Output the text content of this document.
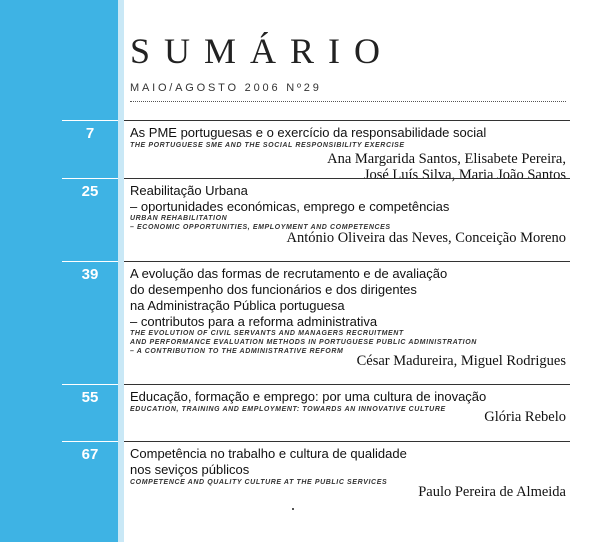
SUMÁRIO
MAIO/AGOSTO 2006 Nº29
7	As PME portuguesas e o exercício da responsabilidade social
THE PORTUGUESE SME AND THE SOCIAL RESPONSIBILITY EXERCISE
Ana Margarida Santos, Elisabete Pereira,
José Luís Silva, Maria João Santos
25	Reabilitação Urbana
– oportunidades económicas, emprego e competências
URBAN REHABILITATION
– ECONOMIC OPPORTUNITIES, EMPLOYMENT AND COMPETENCES
António Oliveira das Neves, Conceição Moreno
39	A evolução das formas de recrutamento e de avaliação
do desempenho dos funcionários e dos dirigentes
na Administração Pública portuguesa
– contributos para a reforma administrativa
THE EVOLUTION OF CIVIL SERVANTS AND MANAGERS RECRUITMENT
AND PERFORMANCE EVALUATION METHODS IN PORTUGUESE PUBLIC ADMINISTRATION
– A CONTRIBUTION TO THE ADMINISTRATIVE REFORM
César Madureira, Miguel Rodrigues
55	Educação, formação e emprego: por uma cultura de inovação
EDUCATION, TRAINING AND EMPLOYMENT: TOWARDS AN INNOVATIVE CULTURE	Glória Rebelo
67	Competência no trabalho e cultura de qualidade
nos seviços públicos
COMPETENCE AND QUALITY CULTURE AT THE PUBLIC SERVICES
Paulo Pereira de Almeida
